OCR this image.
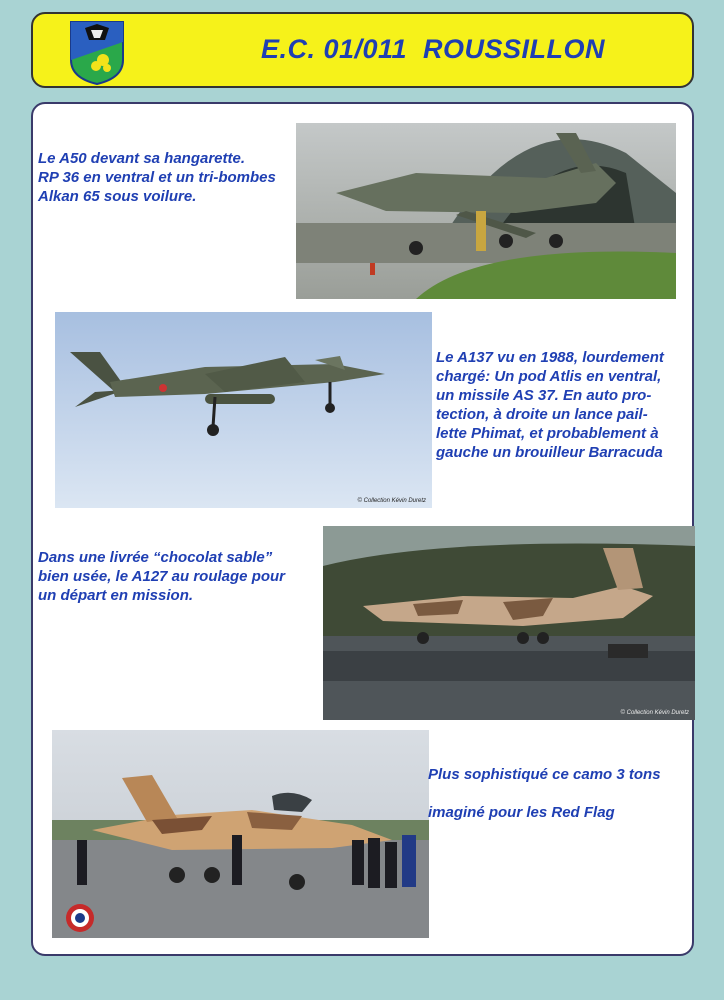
E.C. 01/011  ROUSSILLON

Le A50 devant sa hangarette.
RP 36 en ventral et un tri-bombes
Alkan 65 sous voilure.

© Collection Kévin Duretz

Le A137 vu en 1988, lourdement
chargé: Un pod Atlis en ventral,
un missile AS 37. En auto pro-
tection, à droite un lance pail-
lette Phimat, et probablement à
gauche un brouilleur Barracuda

Dans une livrée “chocolat sable”
bien usée, le A127 au roulage pour
un départ en mission.

© Collection Kévin Duretz

Plus sophistiqué ce camo 3 tons

imaginé pour les Red Flag
